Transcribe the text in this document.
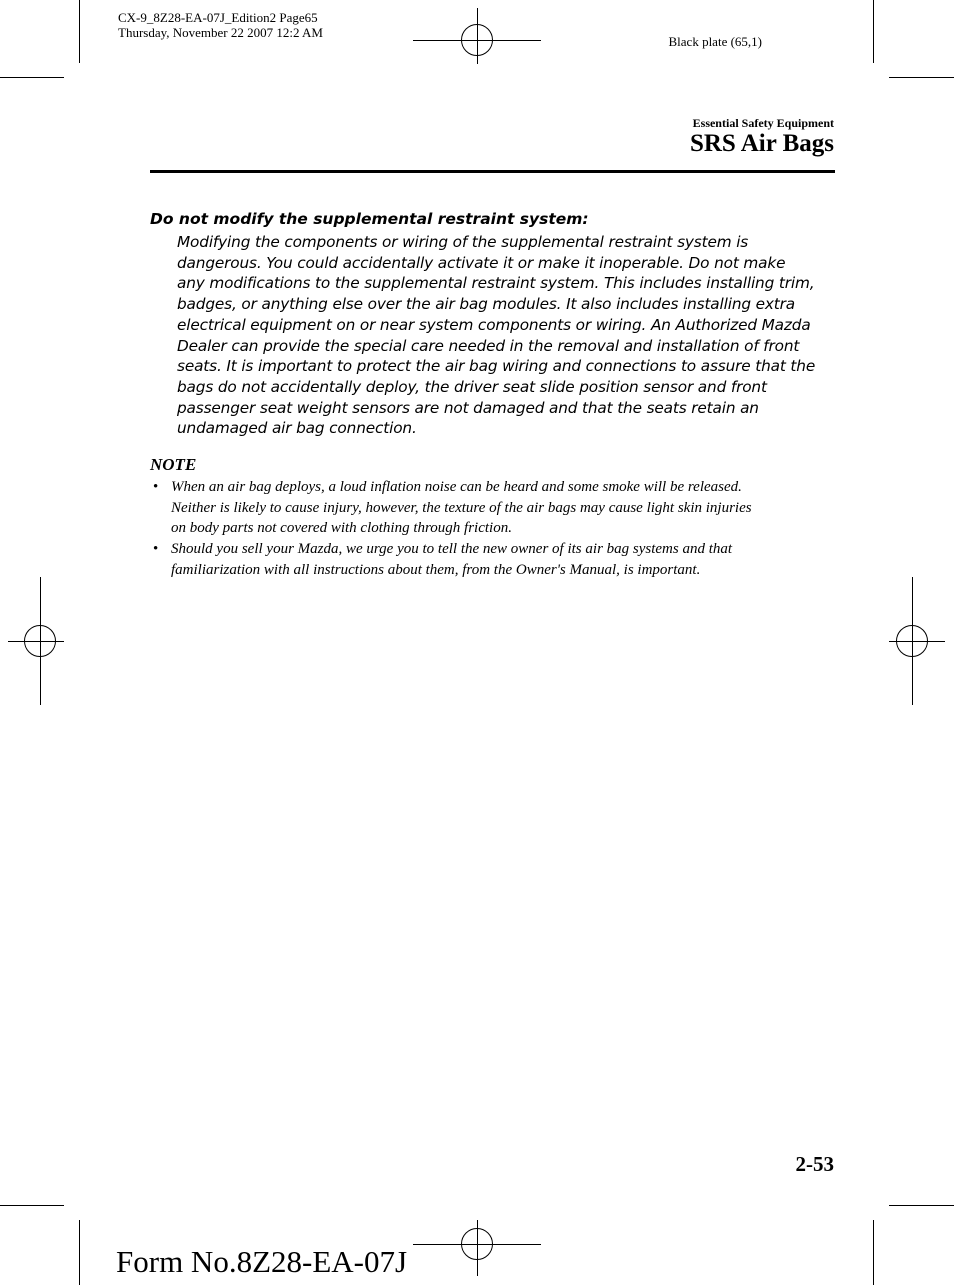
CX-9_8Z28-EA-07J_Edition2 Page65
Thursday, November 22 2007 12:2 AM
Black plate (65,1)
Essential Safety Equipment
SRS Air Bags
Do not modify the supplemental restraint system:
Modifying the components or wiring of the supplemental restraint system is
dangerous. You could accidentally activate it or make it inoperable. Do not make
any modifications to the supplemental restraint system. This includes installing trim,
badges, or anything else over the air bag modules. It also includes installing extra
electrical equipment on or near system components or wiring. An Authorized Mazda
Dealer can provide the special care needed in the removal and installation of front
seats. It is important to protect the air bag wiring and connections to assure that the
bags do not accidentally deploy, the driver seat slide position sensor and front
passenger seat weight sensors are not damaged and that the seats retain an
undamaged air bag connection.
NOTE
• When an air bag deploys, a loud inflation noise can be heard and some smoke will be released.
Neither is likely to cause injury, however, the texture of the air bags may cause light skin injuries
on body parts not covered with clothing through friction.
• Should you sell your Mazda, we urge you to tell the new owner of its air bag systems and that
familiarization with all instructions about them, from the Owner's Manual, is important.
2-53
Form No.8Z28-EA-07J
